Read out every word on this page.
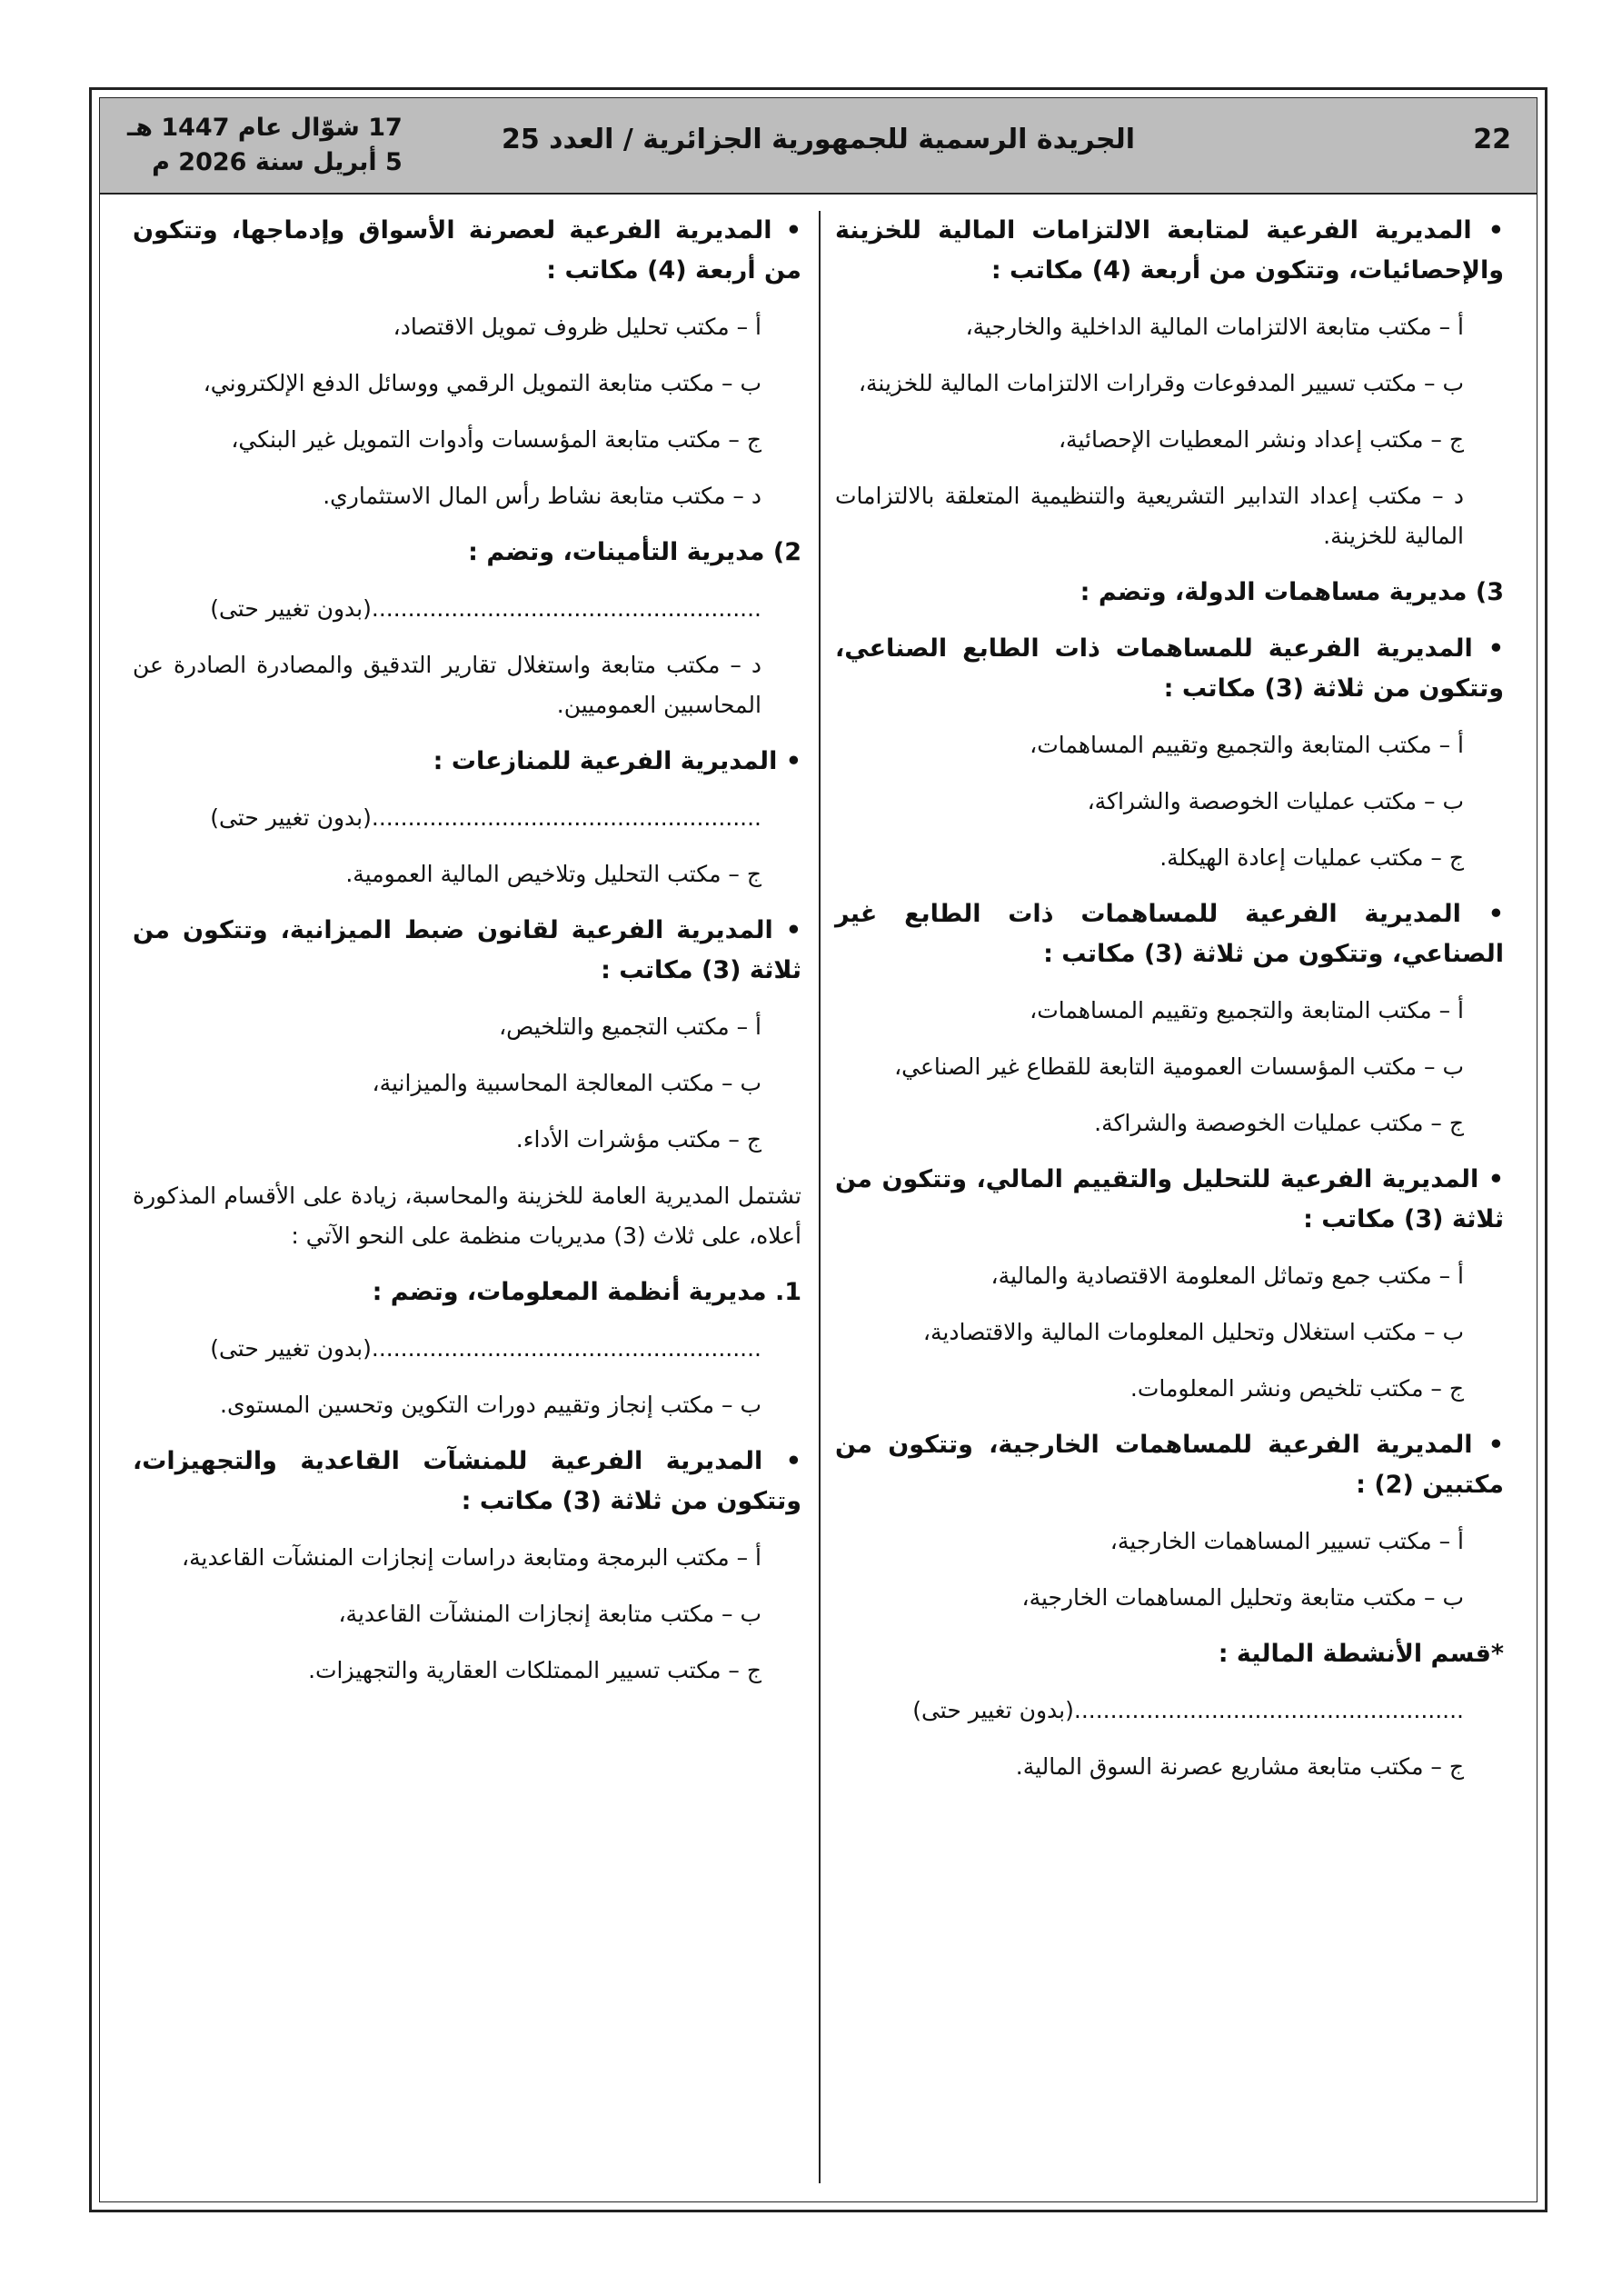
22
الجريدة الرسمية للجمهورية الجزائرية / العدد 25
17 شوّال عام 1447 هـ
5 أبريل سنة 2026 م

• المديرية الفرعية لمتابعة الالتزامات المالية للخزينة والإحصائيات، وتتكون من أربعة (4) مكاتب :

أ – مكتب متابعة الالتزامات المالية الداخلية والخارجية،

ب – مكتب تسيير المدفوعات وقرارات الالتزامات المالية للخزينة،

ج – مكتب إعداد ونشر المعطيات الإحصائية،

د – مكتب إعداد التدابير التشريعية والتنظيمية المتعلقة بالالتزامات المالية للخزينة.

3) مديرية مساهمات الدولة، وتضم :

• المديرية الفرعية للمساهمات ذات الطابع الصناعي، وتتكون من ثلاثة (3) مكاتب :

أ – مكتب المتابعة والتجميع وتقييم المساهمات،

ب – مكتب عمليات الخوصصة والشراكة،

ج – مكتب عمليات إعادة الهيكلة.

• المديرية الفرعية للمساهمات ذات الطابع غير الصناعي، وتتكون من ثلاثة (3) مكاتب :

أ – مكتب المتابعة والتجميع وتقييم المساهمات،

ب – مكتب المؤسسات العمومية التابعة للقطاع غير الصناعي،

ج – مكتب عمليات الخوصصة والشراكة.

• المديرية الفرعية للتحليل والتقييم المالي، وتتكون من ثلاثة (3) مكاتب :

أ – مكتب جمع وتماثل المعلومة الاقتصادية والمالية،

ب – مكتب استغلال وتحليل المعلومات المالية والاقتصادية،

ج – مكتب تلخيص ونشر المعلومات.

• المديرية الفرعية للمساهمات الخارجية، وتتكون من مكتبين (2) :

أ – مكتب تسيير المساهمات الخارجية،

ب – مكتب متابعة وتحليل المساهمات الخارجية،

*قسم الأنشطة المالية :

......................................................(بدون تغيير حتى)

ج – مكتب متابعة مشاريع عصرنة السوق المالية.

• المديرية الفرعية لعصرنة الأسواق وإدماجها، وتتكون من أربعة (4) مكاتب :

أ – مكتب تحليل ظروف تمويل الاقتصاد،

ب – مكتب متابعة التمويل الرقمي ووسائل الدفع الإلكتروني،

ج – مكتب متابعة المؤسسات وأدوات التمويل غير البنكي،

د – مكتب متابعة نشاط رأس المال الاستثماري.

2) مديرية التأمينات، وتضم :

......................................................(بدون تغيير حتى)

د – مكتب متابعة واستغلال تقارير التدقيق والمصادرة الصادرة عن المحاسبين العموميين.

• المديرية الفرعية للمنازعات :

......................................................(بدون تغيير حتى)

ج – مكتب التحليل وتلاخيص المالية العمومية.

• المديرية الفرعية لقانون ضبط الميزانية، وتتكون من ثلاثة (3) مكاتب :

أ – مكتب التجميع والتلخيص،

ب – مكتب المعالجة المحاسبية والميزانية،

ج – مكتب مؤشرات الأداء.

تشتمل المديرية العامة للخزينة والمحاسبة، زيادة على الأقسام المذكورة أعلاه، على ثلاث (3) مديريات منظمة على النحو الآتي :

1. مديرية أنظمة المعلومات، وتضم :

......................................................(بدون تغيير حتى)

ب – مكتب إنجاز وتقييم دورات التكوين وتحسين المستوى.

• المديرية الفرعية للمنشآت القاعدية والتجهيزات، وتتكون من ثلاثة (3) مكاتب :

أ – مكتب البرمجة ومتابعة دراسات إنجازات المنشآت القاعدية،

ب – مكتب متابعة إنجازات المنشآت القاعدية،

ج – مكتب تسيير الممتلكات العقارية والتجهيزات.
